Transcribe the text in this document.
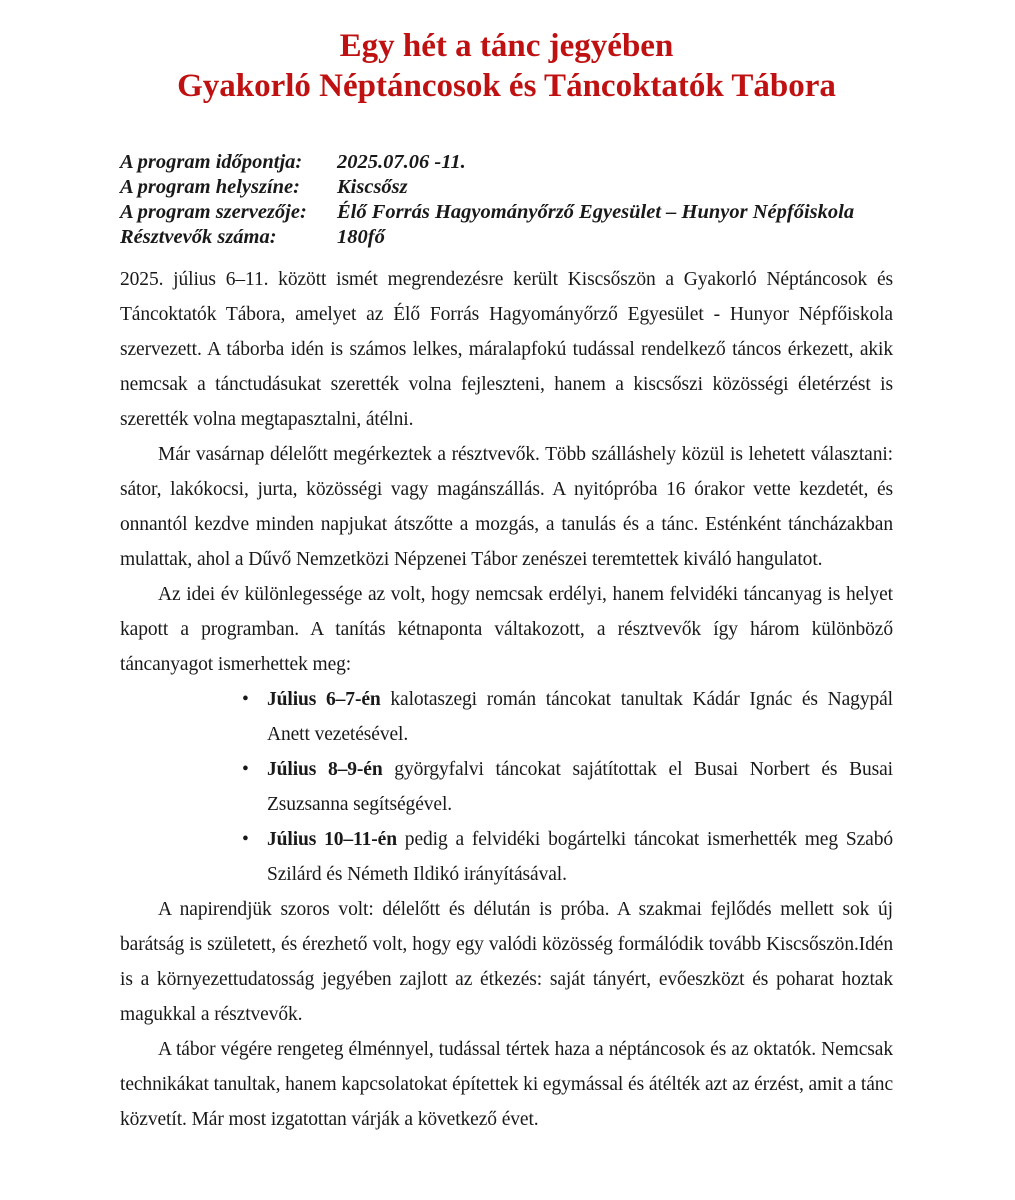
Egy hét a tánc jegyében
Gyakorló Néptáncosok és Táncoktatók Tábora
A program időpontja:	2025.07.06 -11.
A program helyszíne:	Kiscsősz
A program szervezője:	Élő Forrás Hagyományőrző Egyesület – Hunyor Népfőiskola
Résztvevők száma:	180fő

2025. július 6–11. között ismét megrendezésre került Kiscsőszön a Gyakorló Néptáncosok és Táncoktatók Tábora, amelyet az Élő Forrás Hagyományőrző Egyesület - Hunyor Népfőiskola szervezett. A táborba idén is számos lelkes, máralapfokú tudással rendelkező táncos érkezett, akik nemcsak a tánctudásukat szerették volna fejleszteni, hanem a kiscsőszi közösségi életérzést is szerették volna megtapasztalni, átélni.

Már vasárnap délelőtt megérkeztek a résztvevők. Több szálláshely közül is lehetett választani: sátor, lakókocsi, jurta, közösségi vagy magánszállás. A nyitópróba 16 órakor vette kezdetét, és onnantól kezdve minden napjukat átszőtte a mozgás, a tanulás és a tánc. Esténként táncházakban mulattak, ahol a Dűvő Nemzetközi Népzenei Tábor zenészei teremtettek kiváló hangulatot.

Az idei év különlegessége az volt, hogy nemcsak erdélyi, hanem felvidéki táncanyag is helyet kapott a programban. A tanítás kétnaponta váltakozott, a résztvevők így három különböző táncanyagot ismerhettek meg:

• Július 6–7-én kalotaszegi román táncokat tanultak Kádár Ignác és Nagypál Anett vezetésével.
• Július 8–9-én györgyfalvi táncokat sajátítottak el Busai Norbert és Busai Zsuzsanna segítségével.
• Július 10–11-én pedig a felvidéki bogártelki táncokat ismerhették meg Szabó Szilárd és Németh Ildikó irányításával.

A napirendjük szoros volt: délelőtt és délután is próba. A szakmai fejlődés mellett sok új barátság is született, és érezhető volt, hogy egy valódi közösség formálódik tovább Kiscsőszön.Idén is a környezettudatosság jegyében zajlott az étkezés: saját tányért, evőeszközt és poharat hoztak magukkal a résztvevők.

A tábor végére rengeteg élménnyel, tudással tértek haza a néptáncosok és az oktatók. Nemcsak technikákat tanultak, hanem kapcsolatokat építettek ki egymással és átélték azt az érzést, amit a tánc közvetít. Már most izgatottan várják a következő évet.
